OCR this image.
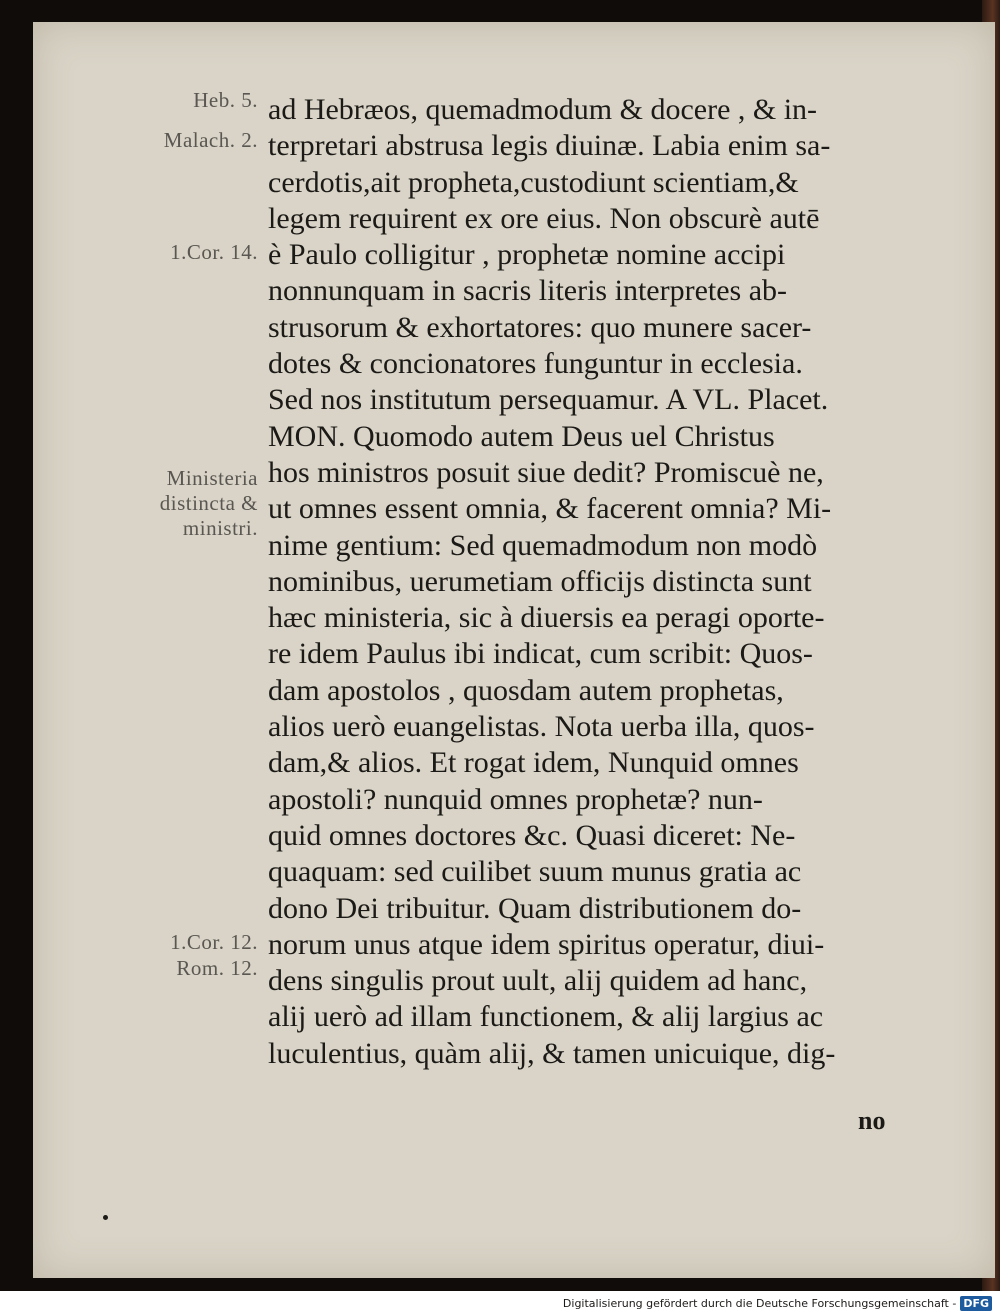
Heb. 5.
Malach. 2.
1.Cor. 14.
Ministeria
distincta &
ministri.
1.Cor. 12.
Rom. 12.
ad Hebræos, quemadmodum & docere , & in-
terpretari abstrusa legis diuinæ. Labia enim sa-
cerdotis,ait propheta,custodiunt scientiam,&
legem requirent ex ore eius. Non obscurè autē
è Paulo colligitur , prophetæ nomine accipi
nonnunquam in sacris literis interpretes ab-
strusorum & exhortatores: quo munere sacer-
dotes & concionatores funguntur in ecclesia.
Sed nos institutum persequamur. A VL. Placet.
MON. Quomodo autem Deus uel Christus
hos ministros posuit siue dedit? Promiscuè ne,
ut omnes essent omnia, & facerent omnia? Mi-
nime gentium: Sed quemadmodum non modò
nominibus, uerumetiam officijs distincta sunt
hæc ministeria, sic à diuersis ea peragi oporte-
re idem Paulus ibi indicat, cum scribit: Quos-
dam apostolos , quosdam autem prophetas,
alios uerò euangelistas. Nota uerba illa, quos-
dam,& alios. Et rogat idem, Nunquid omnes
apostoli? nunquid omnes prophetæ? nun-
quid omnes doctores &c. Quasi diceret: Ne-
quaquam: sed cuilibet suum munus gratia ac
dono Dei tribuitur. Quam distributionem do-
norum unus atque idem spiritus operatur, diui-
dens singulis prout uult, alij quidem ad hanc,
alij uerò ad illam functionem, & alij largius ac
luculentius, quàm alij, & tamen unicuique, dig-
no
Digitalisierung gefördert durch die Deutsche Forschungsgemeinschaft - DFG
